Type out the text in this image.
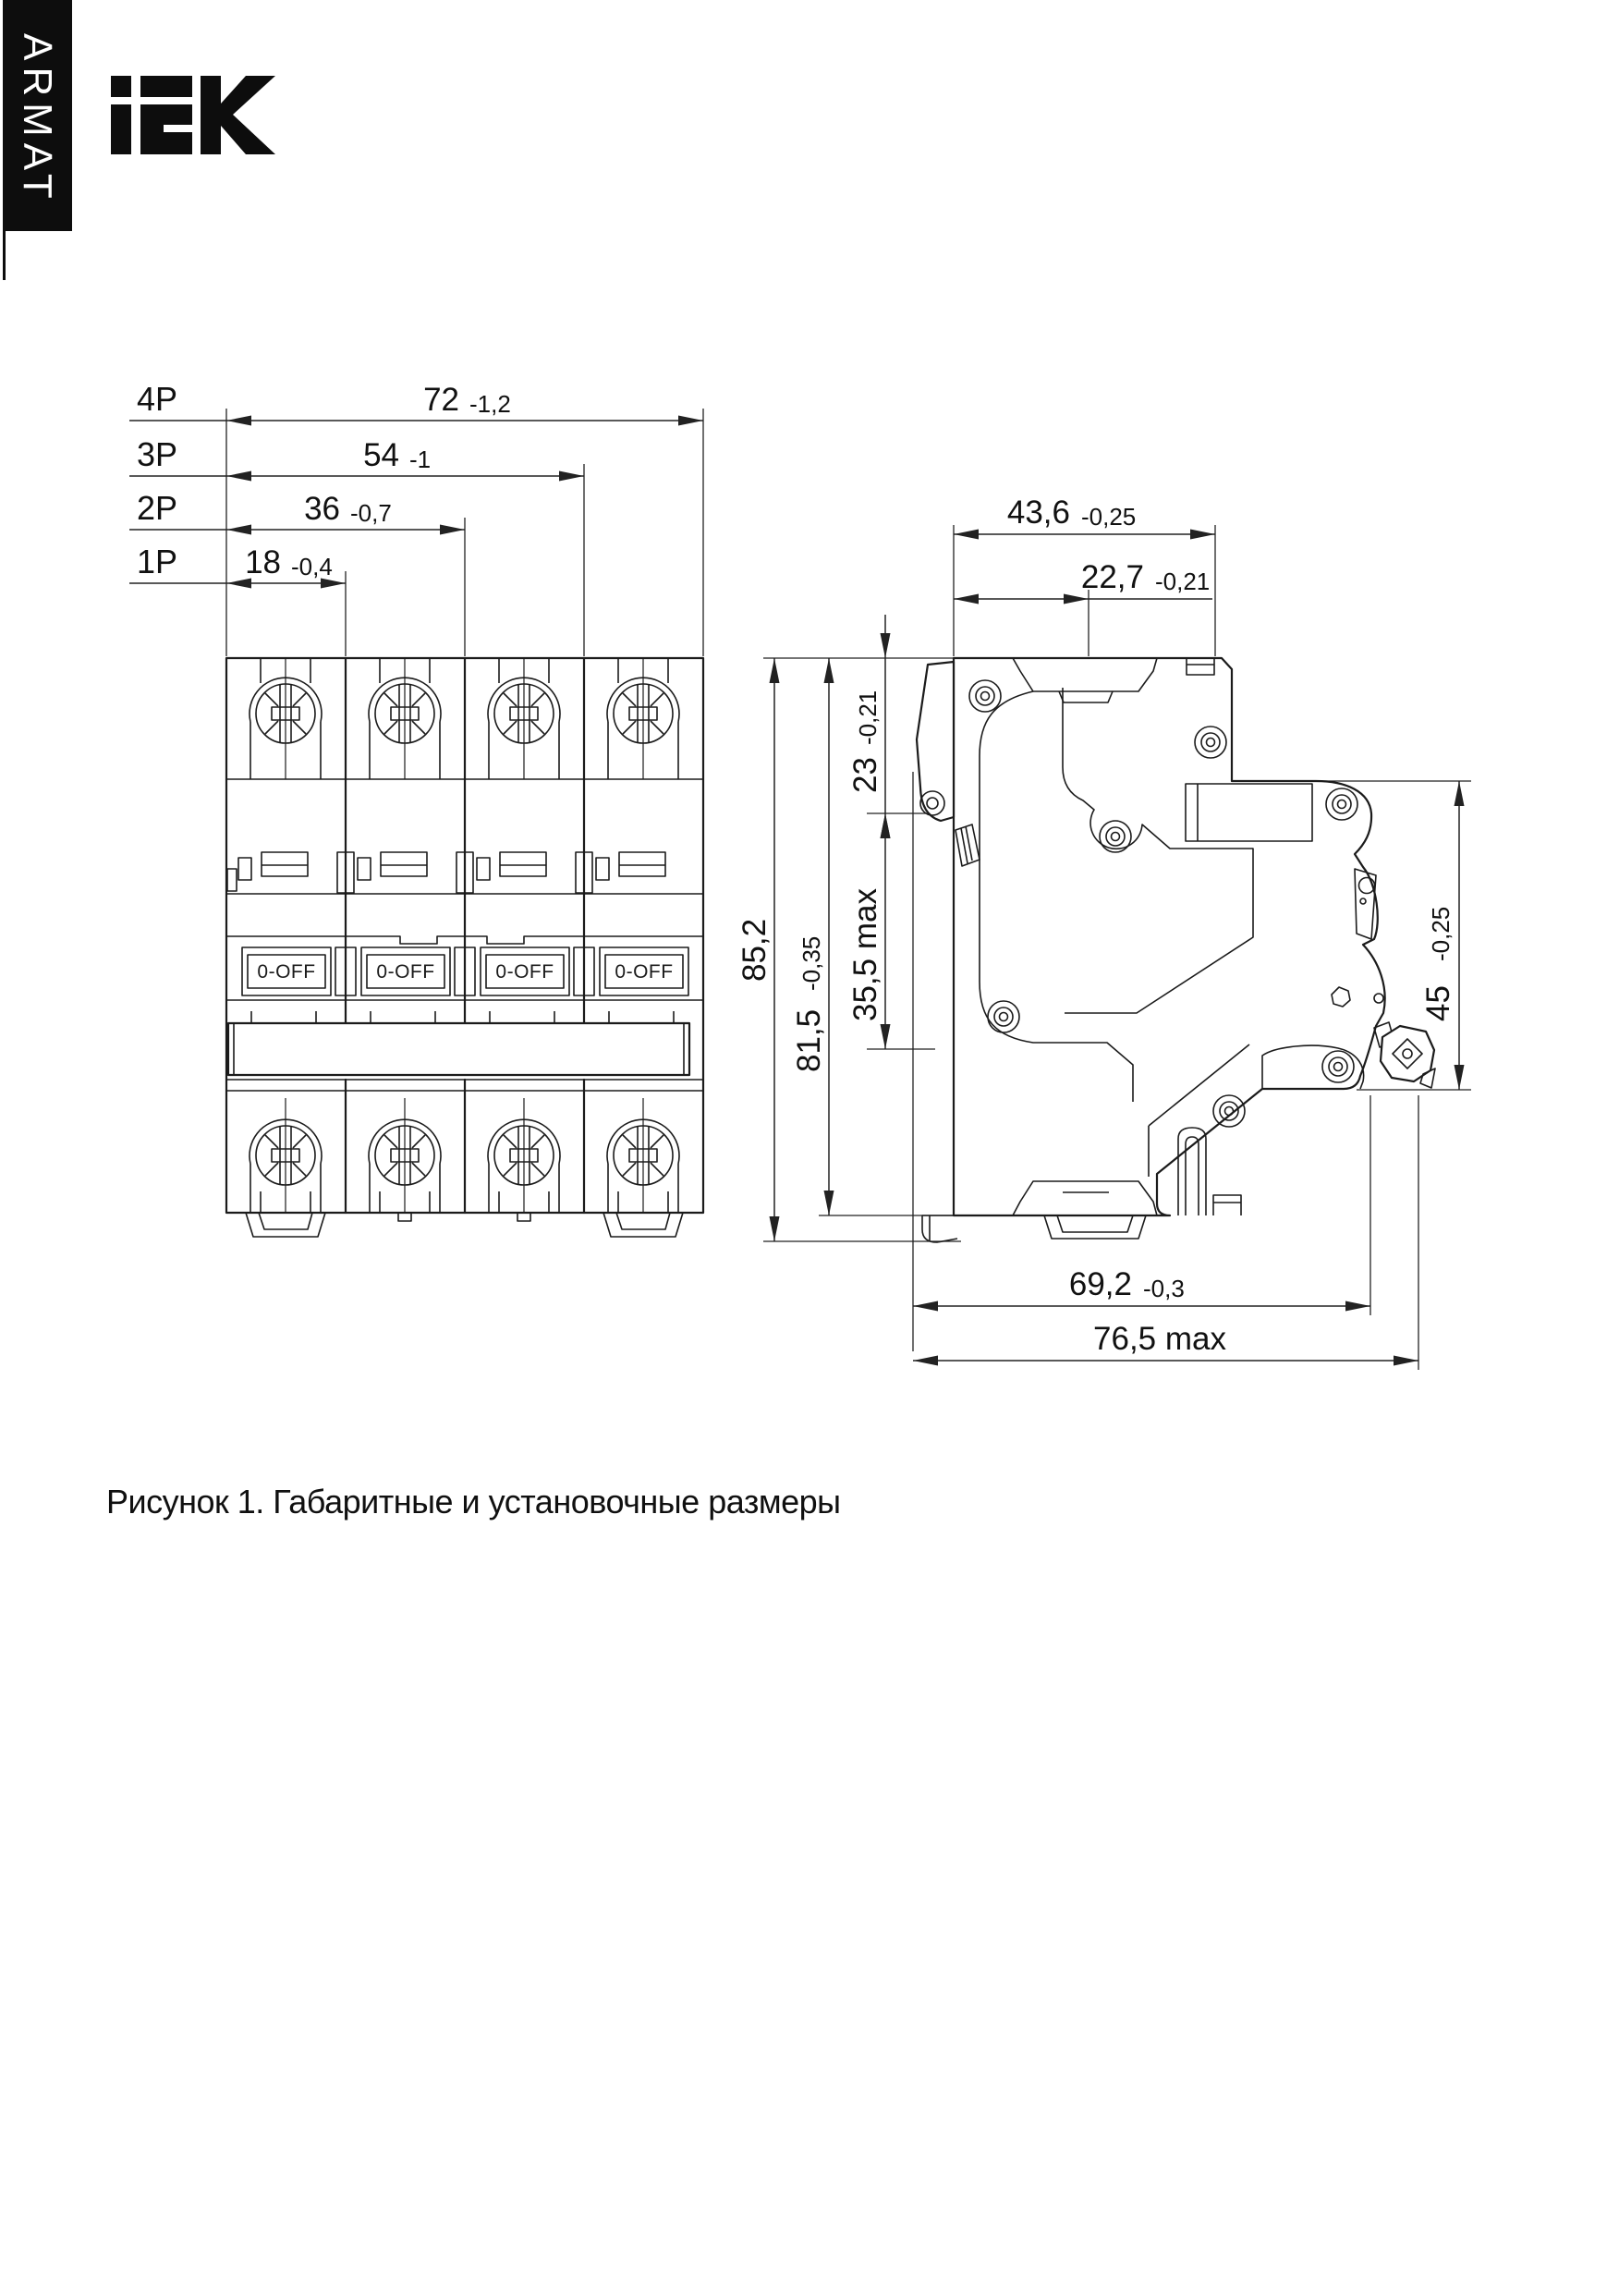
ARMAT
4P	72 -1,2
3P	54 -1
2P	36 -0,7
1P 18 -0,4
0-OFF	0-OFF	0-OFF	0-OFF
43,6 -0,25
22,7 -0,21
85,2
81,5
-0,35
23
-0,21
35,5 max	45
-0,25
69,2 -0,3
76,5 max
Рисунок 1. Габаритные и установочные размеры
